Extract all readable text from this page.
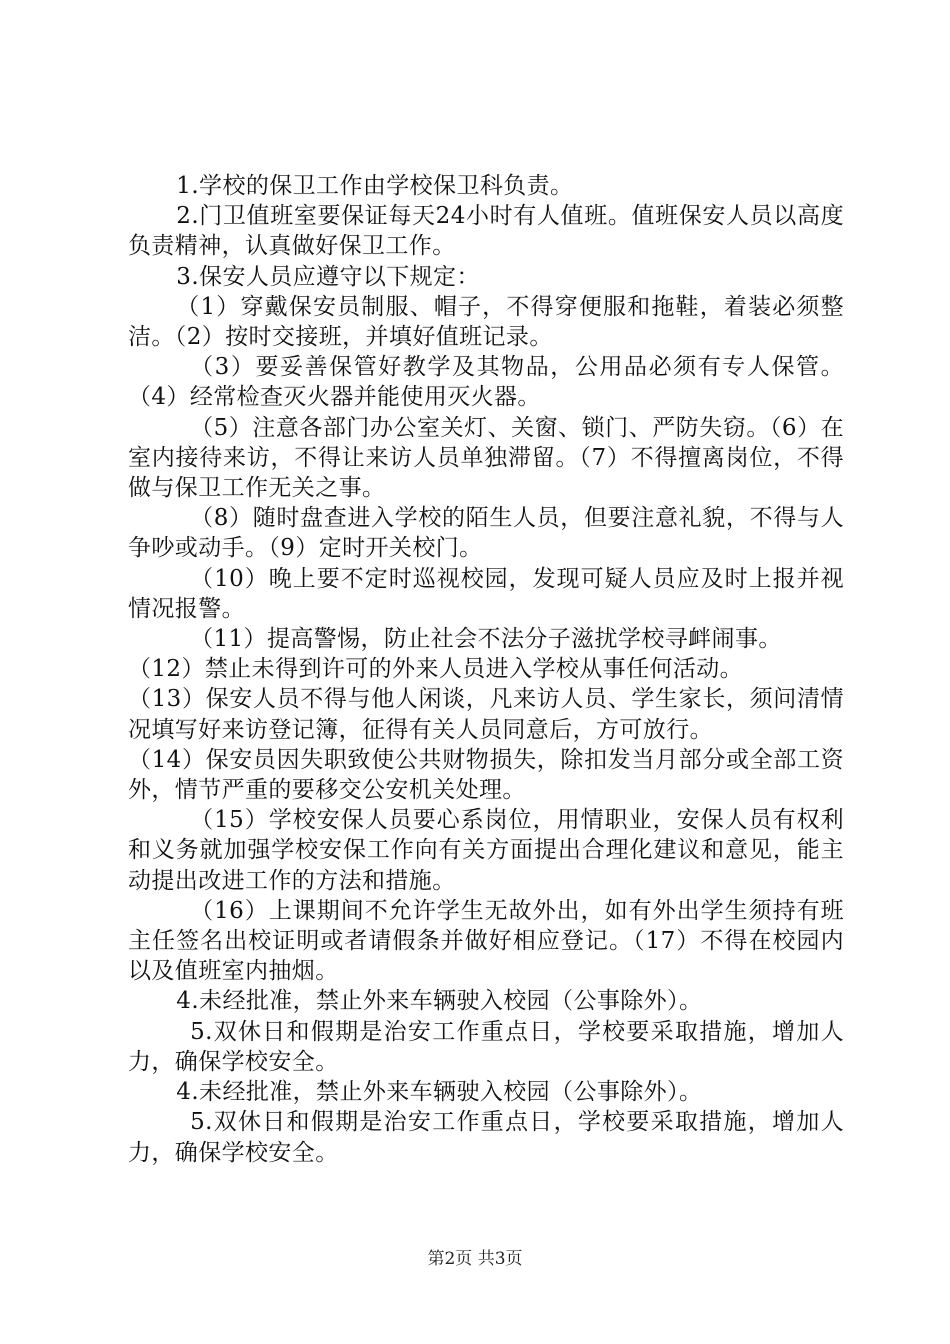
1.学校的保卫工作由学校保卫科负责。

2.门卫值班室要保证每天24小时有人值班。值班保安人员以高度负责精神，认真做好保卫工作。

3.保安人员应遵守以下规定：

（1）穿戴保安员制服、帽子，不得穿便服和拖鞋，着装必须整洁。（2）按时交接班，并填好值班记录。

（3）要妥善保管好教学及其物品，公用品必须有专人保管。（4）经常检查灭火器并能使用灭火器。

（5）注意各部门办公室关灯、关窗、锁门、严防失窃。（6）在室内接待来访，不得让来访人员单独滞留。（7）不得擅离岗位，不得做与保卫工作无关之事。

（8）随时盘查进入学校的陌生人员，但要注意礼貌，不得与人争吵或动手。（9）定时开关校门。

（10）晚上要不定时巡视校园，发现可疑人员应及时上报并视情况报警。

（11）提高警惕，防止社会不法分子滋扰学校寻衅闹事。

（12）禁止未得到许可的外来人员进入学校从事任何活动。

（13）保安人员不得与他人闲谈，凡来访人员、学生家长，须问清情况填写好来访登记簿，征得有关人员同意后，方可放行。

（14）保安员因失职致使公共财物损失，除扣发当月部分或全部工资外，情节严重的要移交公安机关处理。

（15）学校安保人员要心系岗位，用情职业，安保人员有权利和义务就加强学校安保工作向有关方面提出合理化建议和意见，能主动提出改进工作的方法和措施。

（16）上课期间不允许学生无故外出，如有外出学生须持有班主任签名出校证明或者请假条并做好相应登记。（17）不得在校园内以及值班室内抽烟。

4.未经批准，禁止外来车辆驶入校园（公事除外）。

5.双休日和假期是治安工作重点日，学校要采取措施，增加人力，确保学校安全。

4.未经批准，禁止外来车辆驶入校园（公事除外）。

5.双休日和假期是治安工作重点日，学校要采取措施，增加人力，确保学校安全。

第2页 共3页
